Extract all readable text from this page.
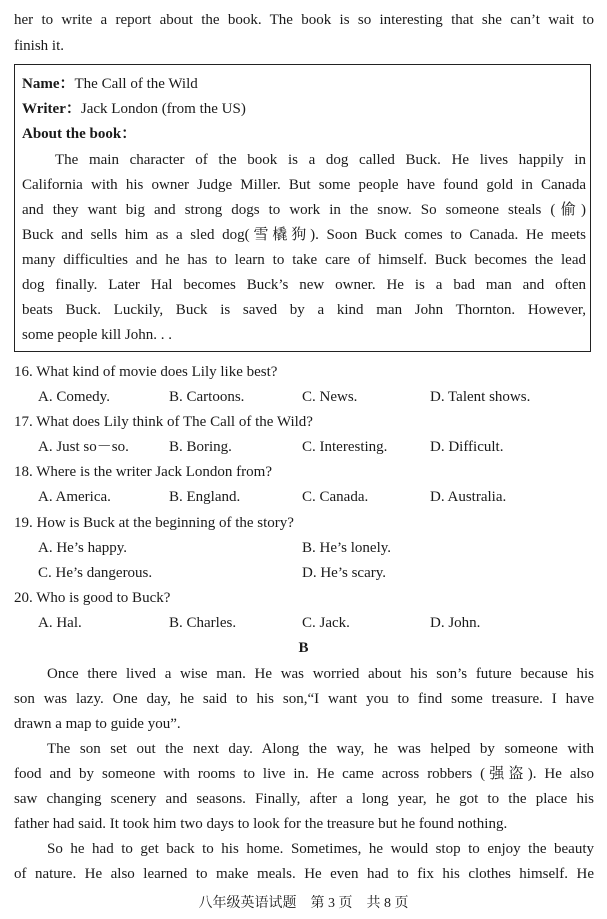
her to write a report about the book. The book is so interesting that she can’t wait to
finish it.
Name：The Call of the Wild
Writer：Jack London (from the US)
About the book：
The main character of the book is a dog called Buck. He lives happily in
California with his owner Judge Miller. But some people have found gold in Canada
and they want big and strong dogs to work in the snow. So someone steals (偷)
Buck and sells him as a sled dog(雪橇狗). Soon Buck comes to Canada. He meets
many difficulties and he has to learn to take care of himself. Buck becomes the lead
dog finally. Later Hal becomes Buck’s new owner. He is a bad man and often
beats Buck. Luckily, Buck is saved by a kind man John Thornton. However,
some people kill John. . .
16. What kind of movie does Lily like best?
A. Comedy.	B. Cartoons.	C. News.	D. Talent shows.
17. What does Lily think of The Call of the Wild?
A. Just so－so.	B. Boring.	C. Interesting.	D. Difficult.
18. Where is the writer Jack London from?
A. America.	B. England.	C. Canada.	D. Australia.
19. How is Buck at the beginning of the story?
A. He’s happy.	B. He’s lonely.
C. He’s dangerous.	D. He’s scary.
20. Who is good to Buck?
A. Hal.	B. Charles.	C. Jack.	D. John.
B
Once there lived a wise man. He was worried about his son’s future because his
son was lazy. One day, he said to his son,“I want you to find some treasure. I have
drawn a map to guide you”.
The son set out the next day. Along the way, he was helped by someone with
food and by someone with rooms to live in. He came across robbers (强盗). He also
saw changing scenery and seasons. Finally, after a long year, he got to the place his
father had said. It took him two days to look for the treasure but he found nothing.
So he had to get back to his home. Sometimes, he would stop to enjoy the beauty
of nature. He also learned to make meals. He even had to fix his clothes himself. He
八年级英语试题　第 3 页　共 8 页
